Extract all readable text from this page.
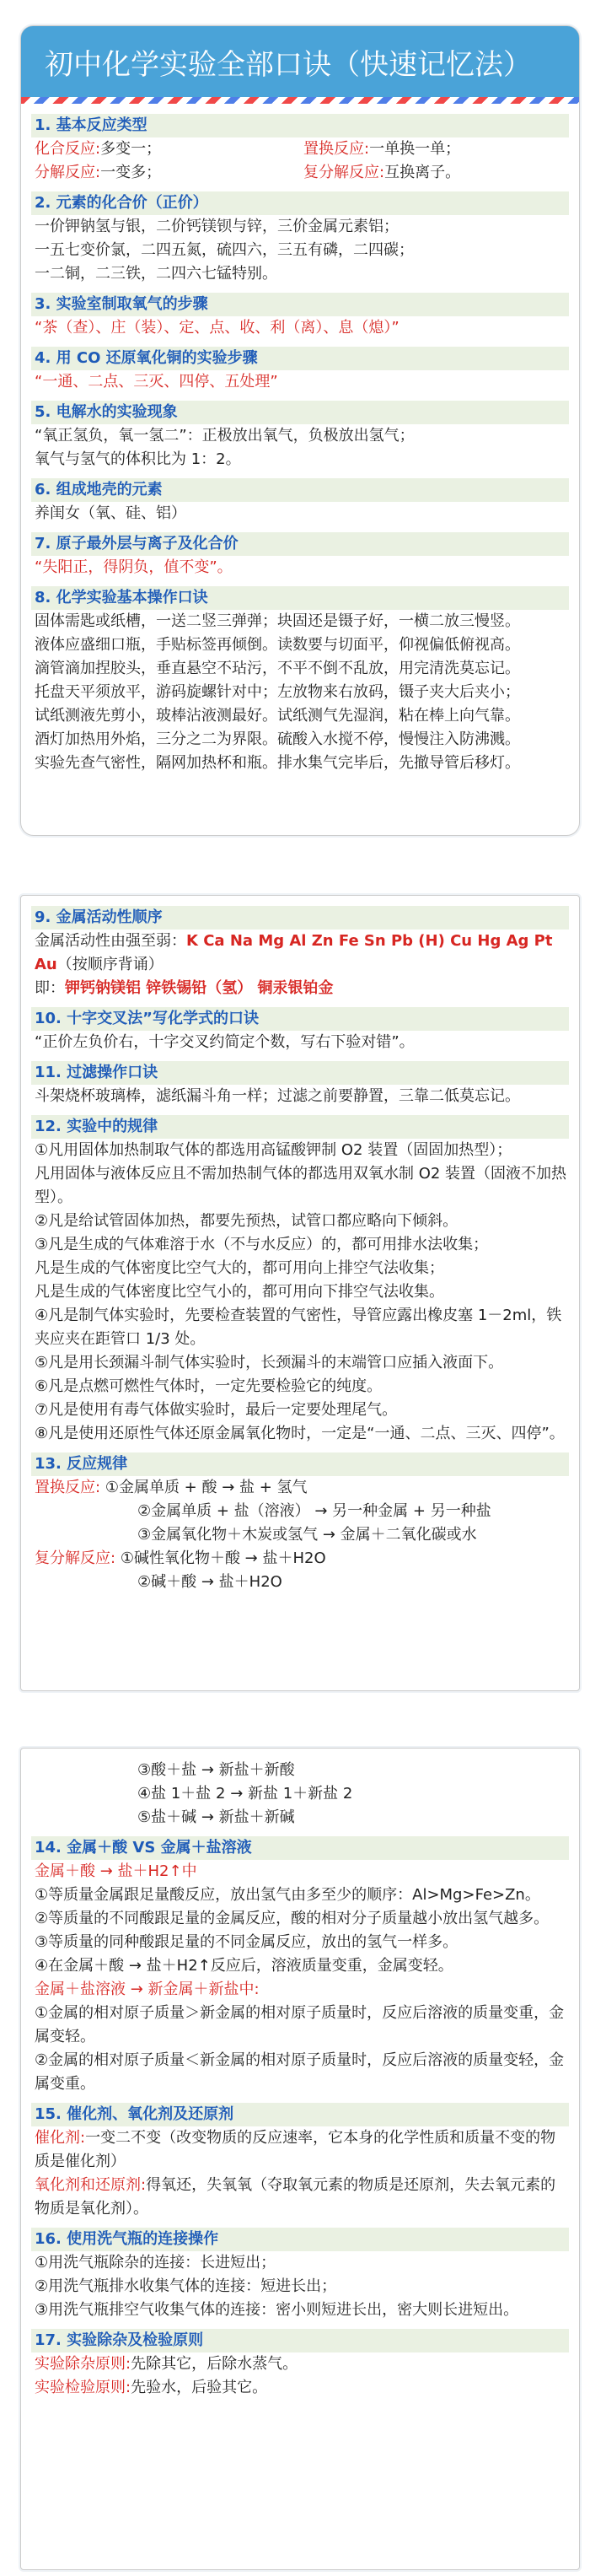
初中化学实验全部口诀（快速记忆法）
1. 基本反应类型
化合反应:多变一；	置换反应:一单换一单；
分解反应:一变多；	复分解反应:互换离子。
2. 元素的化合价（正价）
一价钾钠氢与银，二价钙镁钡与锌，三价金属元素铝；
一五七变价氯，二四五氮，硫四六，三五有磷，二四碳；
一二铜，二三铁，二四六七锰特别。
3. 实验室制取氧气的步骤
“茶（查）、庄（装）、定、点、收、利（离）、息（熄）”
4. 用 CO 还原氧化铜的实验步骤
“一通、二点、三灭、四停、五处理”
5. 电解水的实验现象
“氧正氢负，氧一氢二”：正极放出氧气，负极放出氢气；
氧气与氢气的体积比为 1：2。
6. 组成地壳的元素
养闺女（氧、硅、铝）
7. 原子最外层与离子及化合价
“失阳正，得阴负，值不变”。
8. 化学实验基本操作口诀
固体需匙或纸槽，一送二竖三弹弹；块固还是镊子好，一横二放三慢竖。
液体应盛细口瓶，手贴标签再倾倒。读数要与切面平，仰视偏低俯视高。
滴管滴加捏胶头，垂直悬空不玷污，不平不倒不乱放，用完清洗莫忘记。
托盘天平须放平，游码旋螺针对中；左放物来右放码，镊子夹大后夹小；
试纸测液先剪小，玻棒沾液测最好。试纸测气先湿润，粘在棒上向气靠。
酒灯加热用外焰，三分之二为界限。硫酸入水搅不停，慢慢注入防沸溅。
实验先查气密性，隔网加热杯和瓶。排水集气完毕后，先撤导管后移灯。
9. 金属活动性顺序
金属活动性由强至弱：K Ca Na Mg Al Zn Fe Sn Pb (H) Cu Hg Ag Pt Au（按顺序背诵）
即：钾钙钠镁铝 锌铁锡铅（氢） 铜汞银铂金
10. 十字交叉法”写化学式的口诀
“正价左负价右，十字交叉约简定个数，写右下验对错”。
11. 过滤操作口诀
斗架烧杯玻璃棒，滤纸漏斗角一样；过滤之前要静置，三靠二低莫忘记。
12. 实验中的规律
①凡用固体加热制取气体的都选用高锰酸钾制 O2 装置（固固加热型）；
凡用固体与液体反应且不需加热制气体的都选用双氧水制 O2 装置（固液不加热型）。
②凡是给试管固体加热，都要先预热，试管口都应略向下倾斜。
③凡是生成的气体难溶于水（不与水反应）的，都可用排水法收集；
凡是生成的气体密度比空气大的，都可用向上排空气法收集；
凡是生成的气体密度比空气小的，都可用向下排空气法收集。
④凡是制气体实验时，先要检查装置的气密性，导管应露出橡皮塞 1－2ml，铁夹应夹在距管口 1/3 处。
⑤凡是用长颈漏斗制气体实验时，长颈漏斗的末端管口应插入液面下。
⑥凡是点燃可燃性气体时，一定先要检验它的纯度。
⑦凡是使用有毒气体做实验时，最后一定要处理尾气。
⑧凡是使用还原性气体还原金属氧化物时，一定是“一通、二点、三灭、四停”。
13. 反应规律
置换反应: ①金属单质 + 酸 → 盐 + 氢气
②金属单质 + 盐（溶液） → 另一种金属 + 另一种盐
③金属氧化物＋木炭或氢气 → 金属＋二氧化碳或水
复分解反应: ①碱性氧化物＋酸 → 盐＋H2O
②碱＋酸 → 盐＋H2O
③酸＋盐 → 新盐＋新酸
④盐 1＋盐 2 → 新盐 1＋新盐 2
⑤盐＋碱 → 新盐＋新碱
14. 金属＋酸 VS 金属＋盐溶液
金属＋酸 → 盐＋H2↑中
①等质量金属跟足量酸反应，放出氢气由多至少的顺序：Al>Mg>Fe>Zn。
②等质量的不同酸跟足量的金属反应，酸的相对分子质量越小放出氢气越多。
③等质量的同种酸跟足量的不同金属反应，放出的氢气一样多。
④在金属＋酸 → 盐＋H2↑反应后，溶液质量变重，金属变轻。
金属＋盐溶液 → 新金属＋新盐中:
①金属的相对原子质量＞新金属的相对原子质量时，反应后溶液的质量变重，金属变轻。
②金属的相对原子质量＜新金属的相对原子质量时，反应后溶液的质量变轻，金属变重。
15. 催化剂、氧化剂及还原剂
催化剂:一变二不变（改变物质的反应速率，它本身的化学性质和质量不变的物质是催化剂）
氧化剂和还原剂:得氧还，失氧氧（夺取氧元素的物质是还原剂，失去氧元素的物质是氧化剂）。
16. 使用洗气瓶的连接操作
①用洗气瓶除杂的连接：长进短出；
②用洗气瓶排水收集气体的连接：短进长出；
③用洗气瓶排空气收集气体的连接：密小则短进长出，密大则长进短出。
17. 实验除杂及检验原则
实验除杂原则:先除其它，后除水蒸气。
实验检验原则:先验水，后验其它。
